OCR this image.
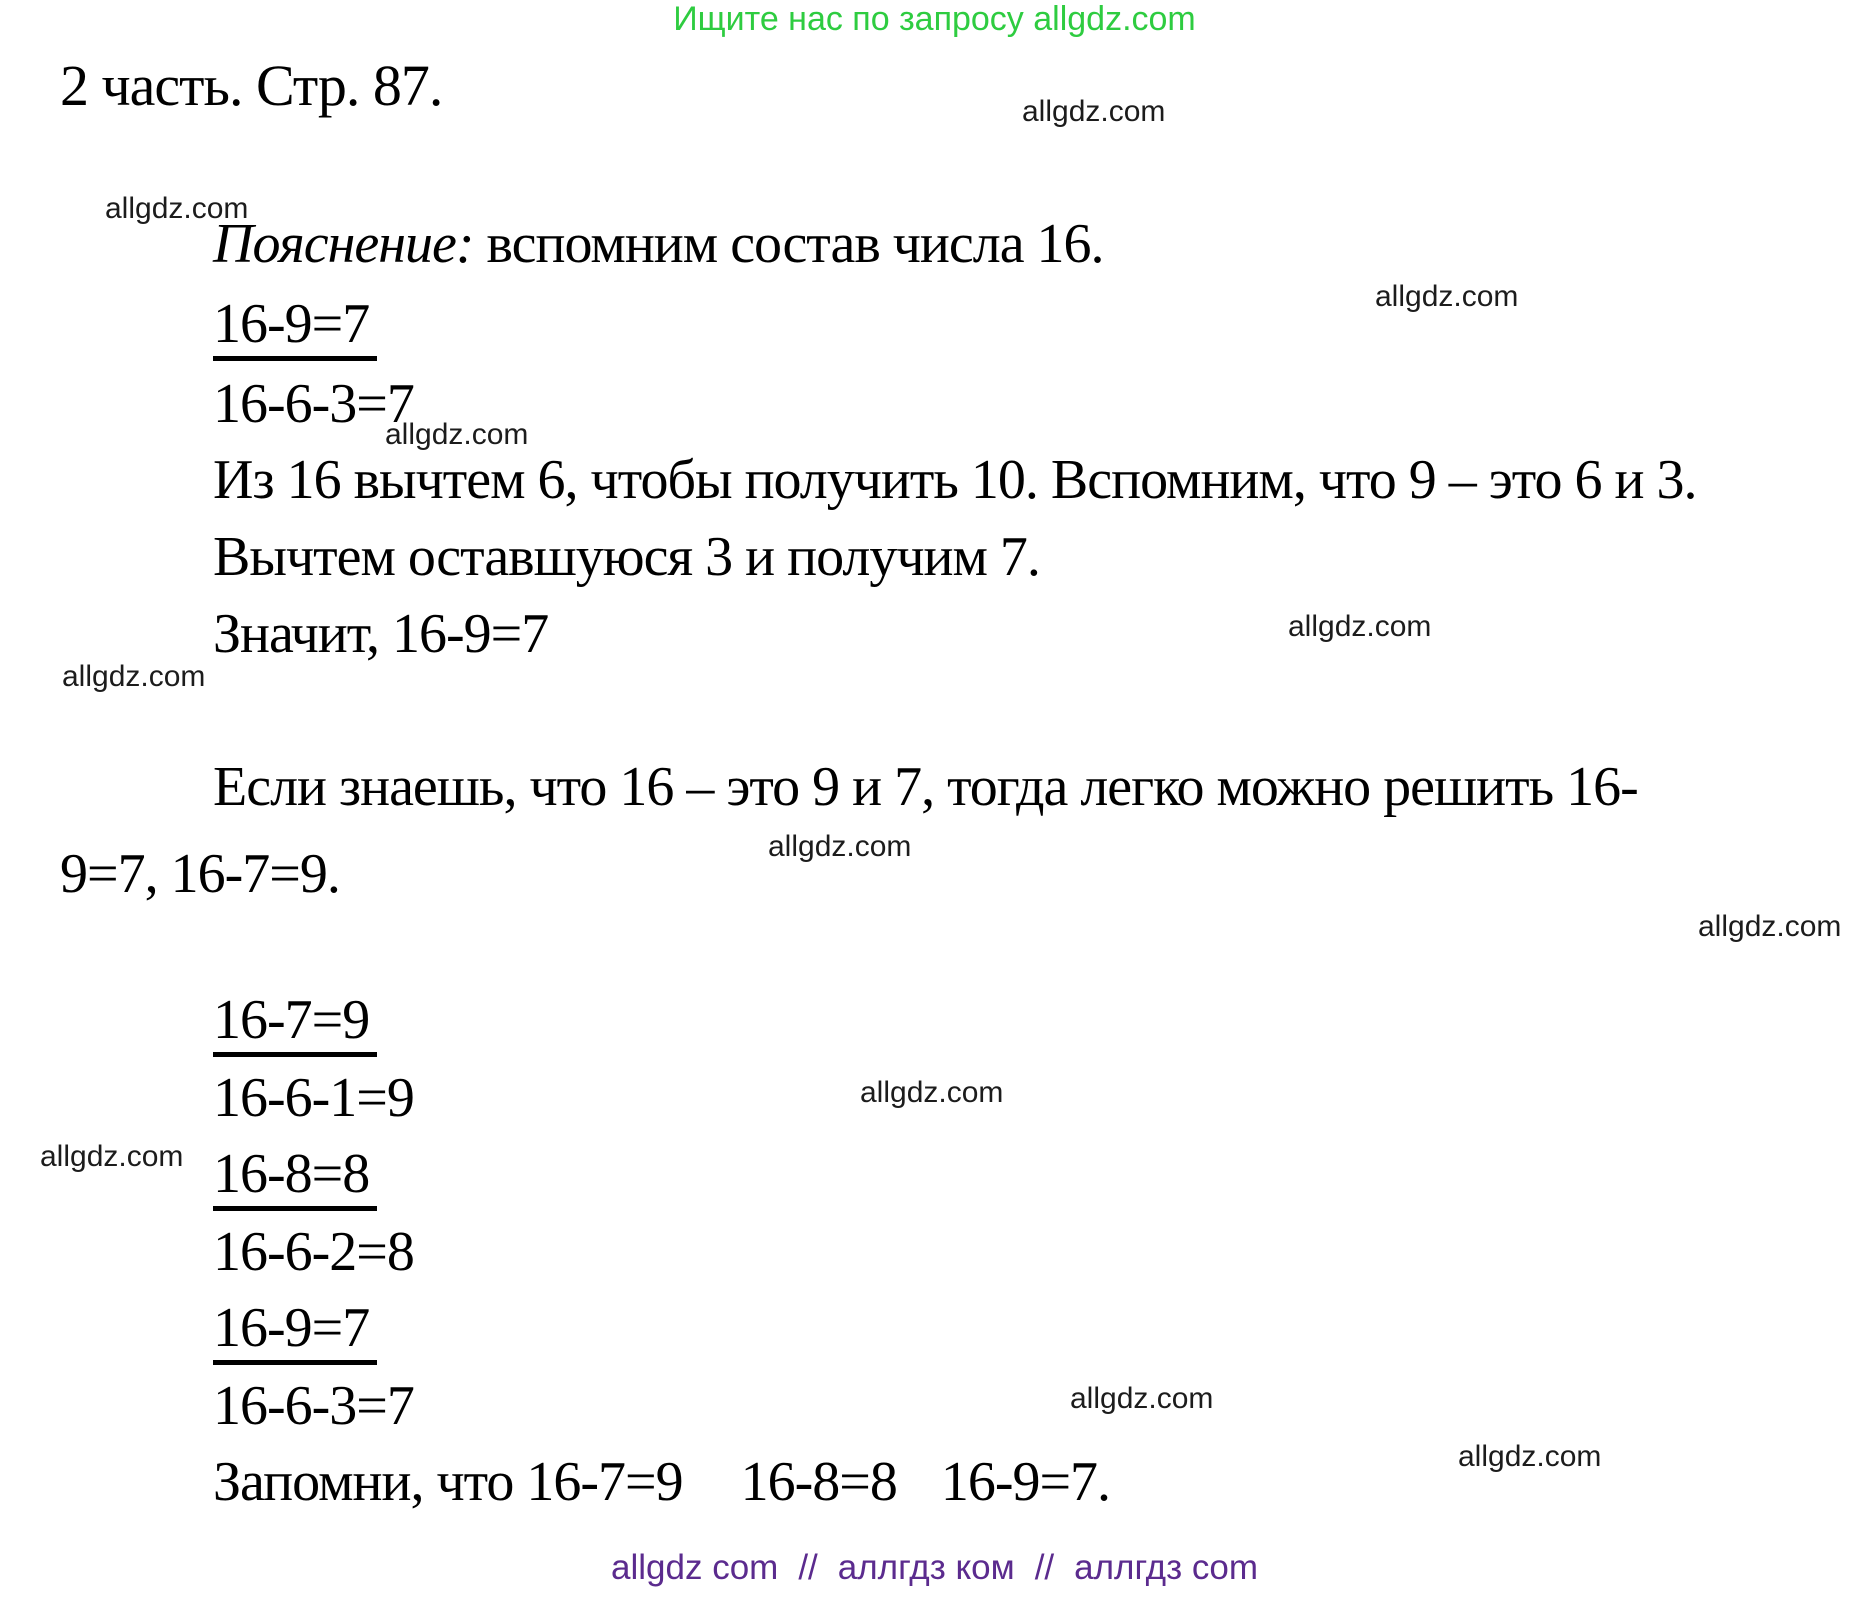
Ищите нас по запросу allgdz.com
2 часть. Стр. 87.	allgdz.com
allgdz.com
allgdz.com
allgdz.com
allgdz.com
allgdz.com
allgdz.com
allgdz.com
allgdz.com
allgdz.com
allgdz.com
allgdz.com
Пояснение: вспомним состав числа 16.
16-9=7
16-6-3=7
Из 16 вычтем 6, чтобы получить 10. Вспомним, что 9 – это 6 и 3.
Вычтем оставшуюся 3 и получим 7.
Значит, 16-9=7
Если знаешь, что 16 – это 9 и 7, тогда легко можно решить 16-
9=7, 16-7=9.
16-7=9
16-6-1=9
16-8=8
16-6-2=8
16-9=7
16-6-3=7
Запомни, что 16-7=9 16-8=8 16-9=7.
allgdz com // аллгдз ком // аллгдз com
